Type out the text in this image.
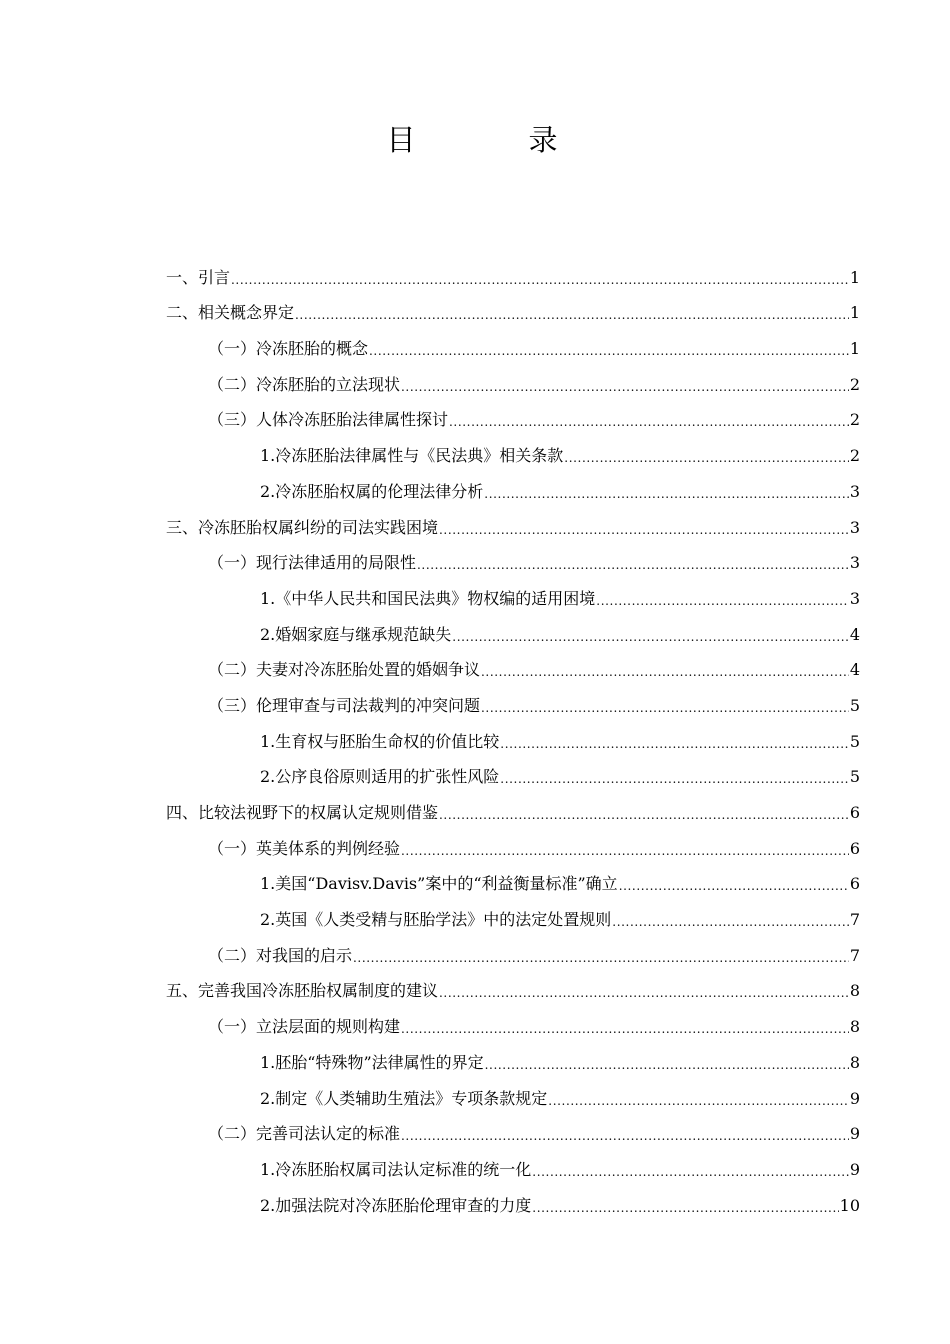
目　录
一、引言 .....	1
二、相关概念界定 .....	1
（一）冷冻胚胎的概念 .....	1
（二）冷冻胚胎的立法现状 .....	2
（三）人体冷冻胚胎法律属性探讨 .....	2
1.冷冻胚胎法律属性与《民法典》相关条款 .....	2
2.冷冻胚胎权属的伦理法律分析 .....	3
三、冷冻胚胎权属纠纷的司法实践困境 .....	3
（一）现行法律适用的局限性 .....	3
1.《中华人民共和国民法典》物权编的适用困境 .....	3
2.婚姻家庭与继承规范缺失 .....	4
（二）夫妻对冷冻胚胎处置的婚姻争议 .....	4
（三）伦理审查与司法裁判的冲突问题 .....	5
1.生育权与胚胎生命权的价值比较 .....	5
2.公序良俗原则适用的扩张性风险 .....	5
四、比较法视野下的权属认定规则借鉴 .....	6
（一）英美体系的判例经验 .....	6
1.美国“Davisv.Davis”案中的“利益衡量标准”确立 .....	6
2.英国《人类受精与胚胎学法》中的法定处置规则 .....	7
（二）对我国的启示 .....	7
五、完善我国冷冻胚胎权属制度的建议 .....	8
（一）立法层面的规则构建 .....	8
1.胚胎“特殊物”法律属性的界定 .....	8
2.制定《人类辅助生殖法》专项条款规定 .....	9
（二）完善司法认定的标准 .....	9
1.冷冻胚胎权属司法认定标准的统一化 .....	9
2.加强法院对冷冻胚胎伦理审查的力度 .....	10
